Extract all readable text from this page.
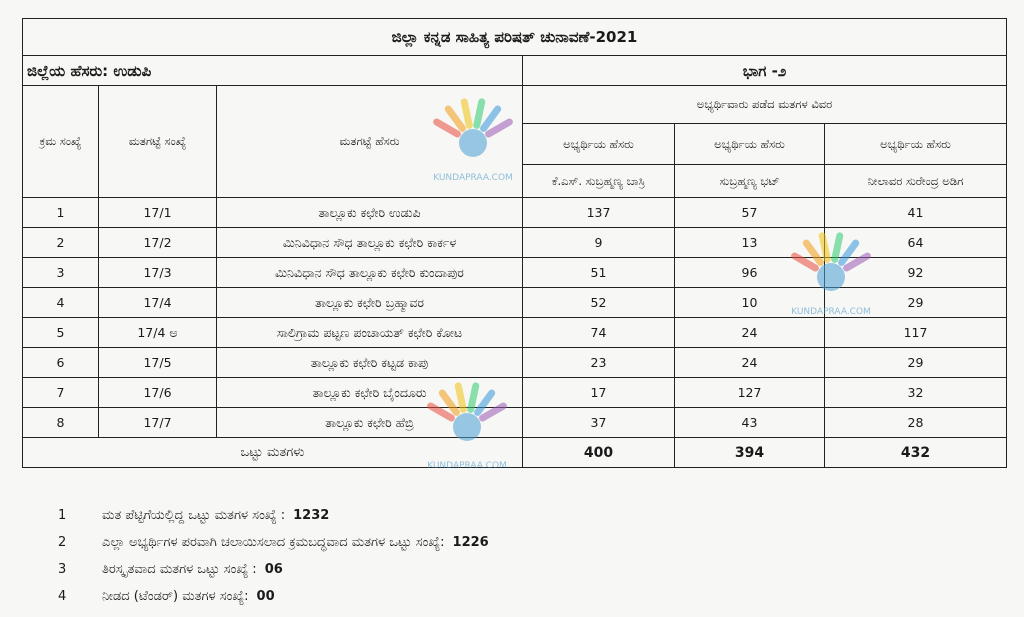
ಜಿಲ್ಲಾ ಕನ್ನಡ ಸಾಹಿತ್ಯ ಪರಿಷತ್ ಚುನಾವಣೆ-2021					
ಜಿಲ್ಲೆಯ ಹೆಸರು: ಉಡುಪಿ			ಭಾಗ -೨		
ಕ್ರಮ ಸಂಖ್ಯೆ	ಮತಗಟ್ಟೆ ಸಂಖ್ಯೆ	ಮತಗಟ್ಟೆ ಹೆಸರು	ಅಭ್ಯರ್ಥಿವಾರು ಪಡೆದ ಮತಗಳ ವಿವರ		
			ಅಭ್ಯರ್ಥಿಯ ಹೆಸರು	ಅಭ್ಯರ್ಥಿಯ ಹೆಸರು	ಅಭ್ಯರ್ಥಿಯ ಹೆಸರು
			ಕೆ.ಎಸ್. ಸುಬ್ರಹ್ಮಣ್ಯ ಬಾಸ್ರಿ	ಸುಬ್ರಹ್ಮಣ್ಯ ಭಟ್	ನೀಲಾವರ ಸುರೇಂದ್ರ ಅಡಿಗ
1	17/1	ತಾಲ್ಲೂಕು ಕಛೇರಿ ಉಡುಪಿ	137	57	41
2	17/2	ಮಿನಿವಿಧಾನ ಸೌಧ ತಾಲ್ಲೂಕು ಕಛೇರಿ ಕಾರ್ಕಳ	9	13	64
3	17/3	ಮಿನಿವಿಧಾನ ಸೌಧ ತಾಲ್ಲೂಕು ಕಛೇರಿ ಕುಂದಾಪುರ	51	96	92
4	17/4	ತಾಲ್ಲೂಕು ಕಛೇರಿ ಬ್ರಹ್ಮಾವರ	52	10	29
5	17/4 ಅ	ಸಾಲಿಗ್ರಾಮ ಪಟ್ಟಣ ಪಂಚಾಯತ್ ಕಛೇರಿ ಕೋಟ	74	24	117
6	17/5	ತಾಲ್ಲೂಕು ಕಛೇರಿ ಕಟ್ಟಡ ಕಾಪು	23	24	29
7	17/6	ತಾಲ್ಲೂಕು ಕಛೇರಿ ಬೈಂದೂರು	17	127	32
8	17/7	ತಾಲ್ಲೂಕು ಕಛೇರಿ ಹೆಬ್ರಿ	37	43	28
ಒಟ್ಟು ಮತಗಳು			400	394	432
KUNDAPRAA.COM
KUNDAPRAA.COM
KUNDAPRAA.COM
1	ಮತ ಪೆಟ್ಟಿಗೆಯಲ್ಲಿದ್ದ ಒಟ್ಟು ಮತಗಳ ಸಂಖ್ಯೆ : 1232
2	ಎಲ್ಲಾ ಅಭ್ಯರ್ಥಿಗಳ ಪರವಾಗಿ ಚಲಾಯಿಸಲಾದ ಕ್ರಮಬದ್ಧವಾದ ಮತಗಳ ಒಟ್ಟು ಸಂಖ್ಯೆ: 1226
3	ತಿರಸ್ಕೃತವಾದ ಮತಗಳ ಒಟ್ಟು ಸಂಖ್ಯೆ : 06
4	ನೀಡದ (ಟೆಂಡರ್) ಮತಗಳ ಸಂಖ್ಯೆ: 00
